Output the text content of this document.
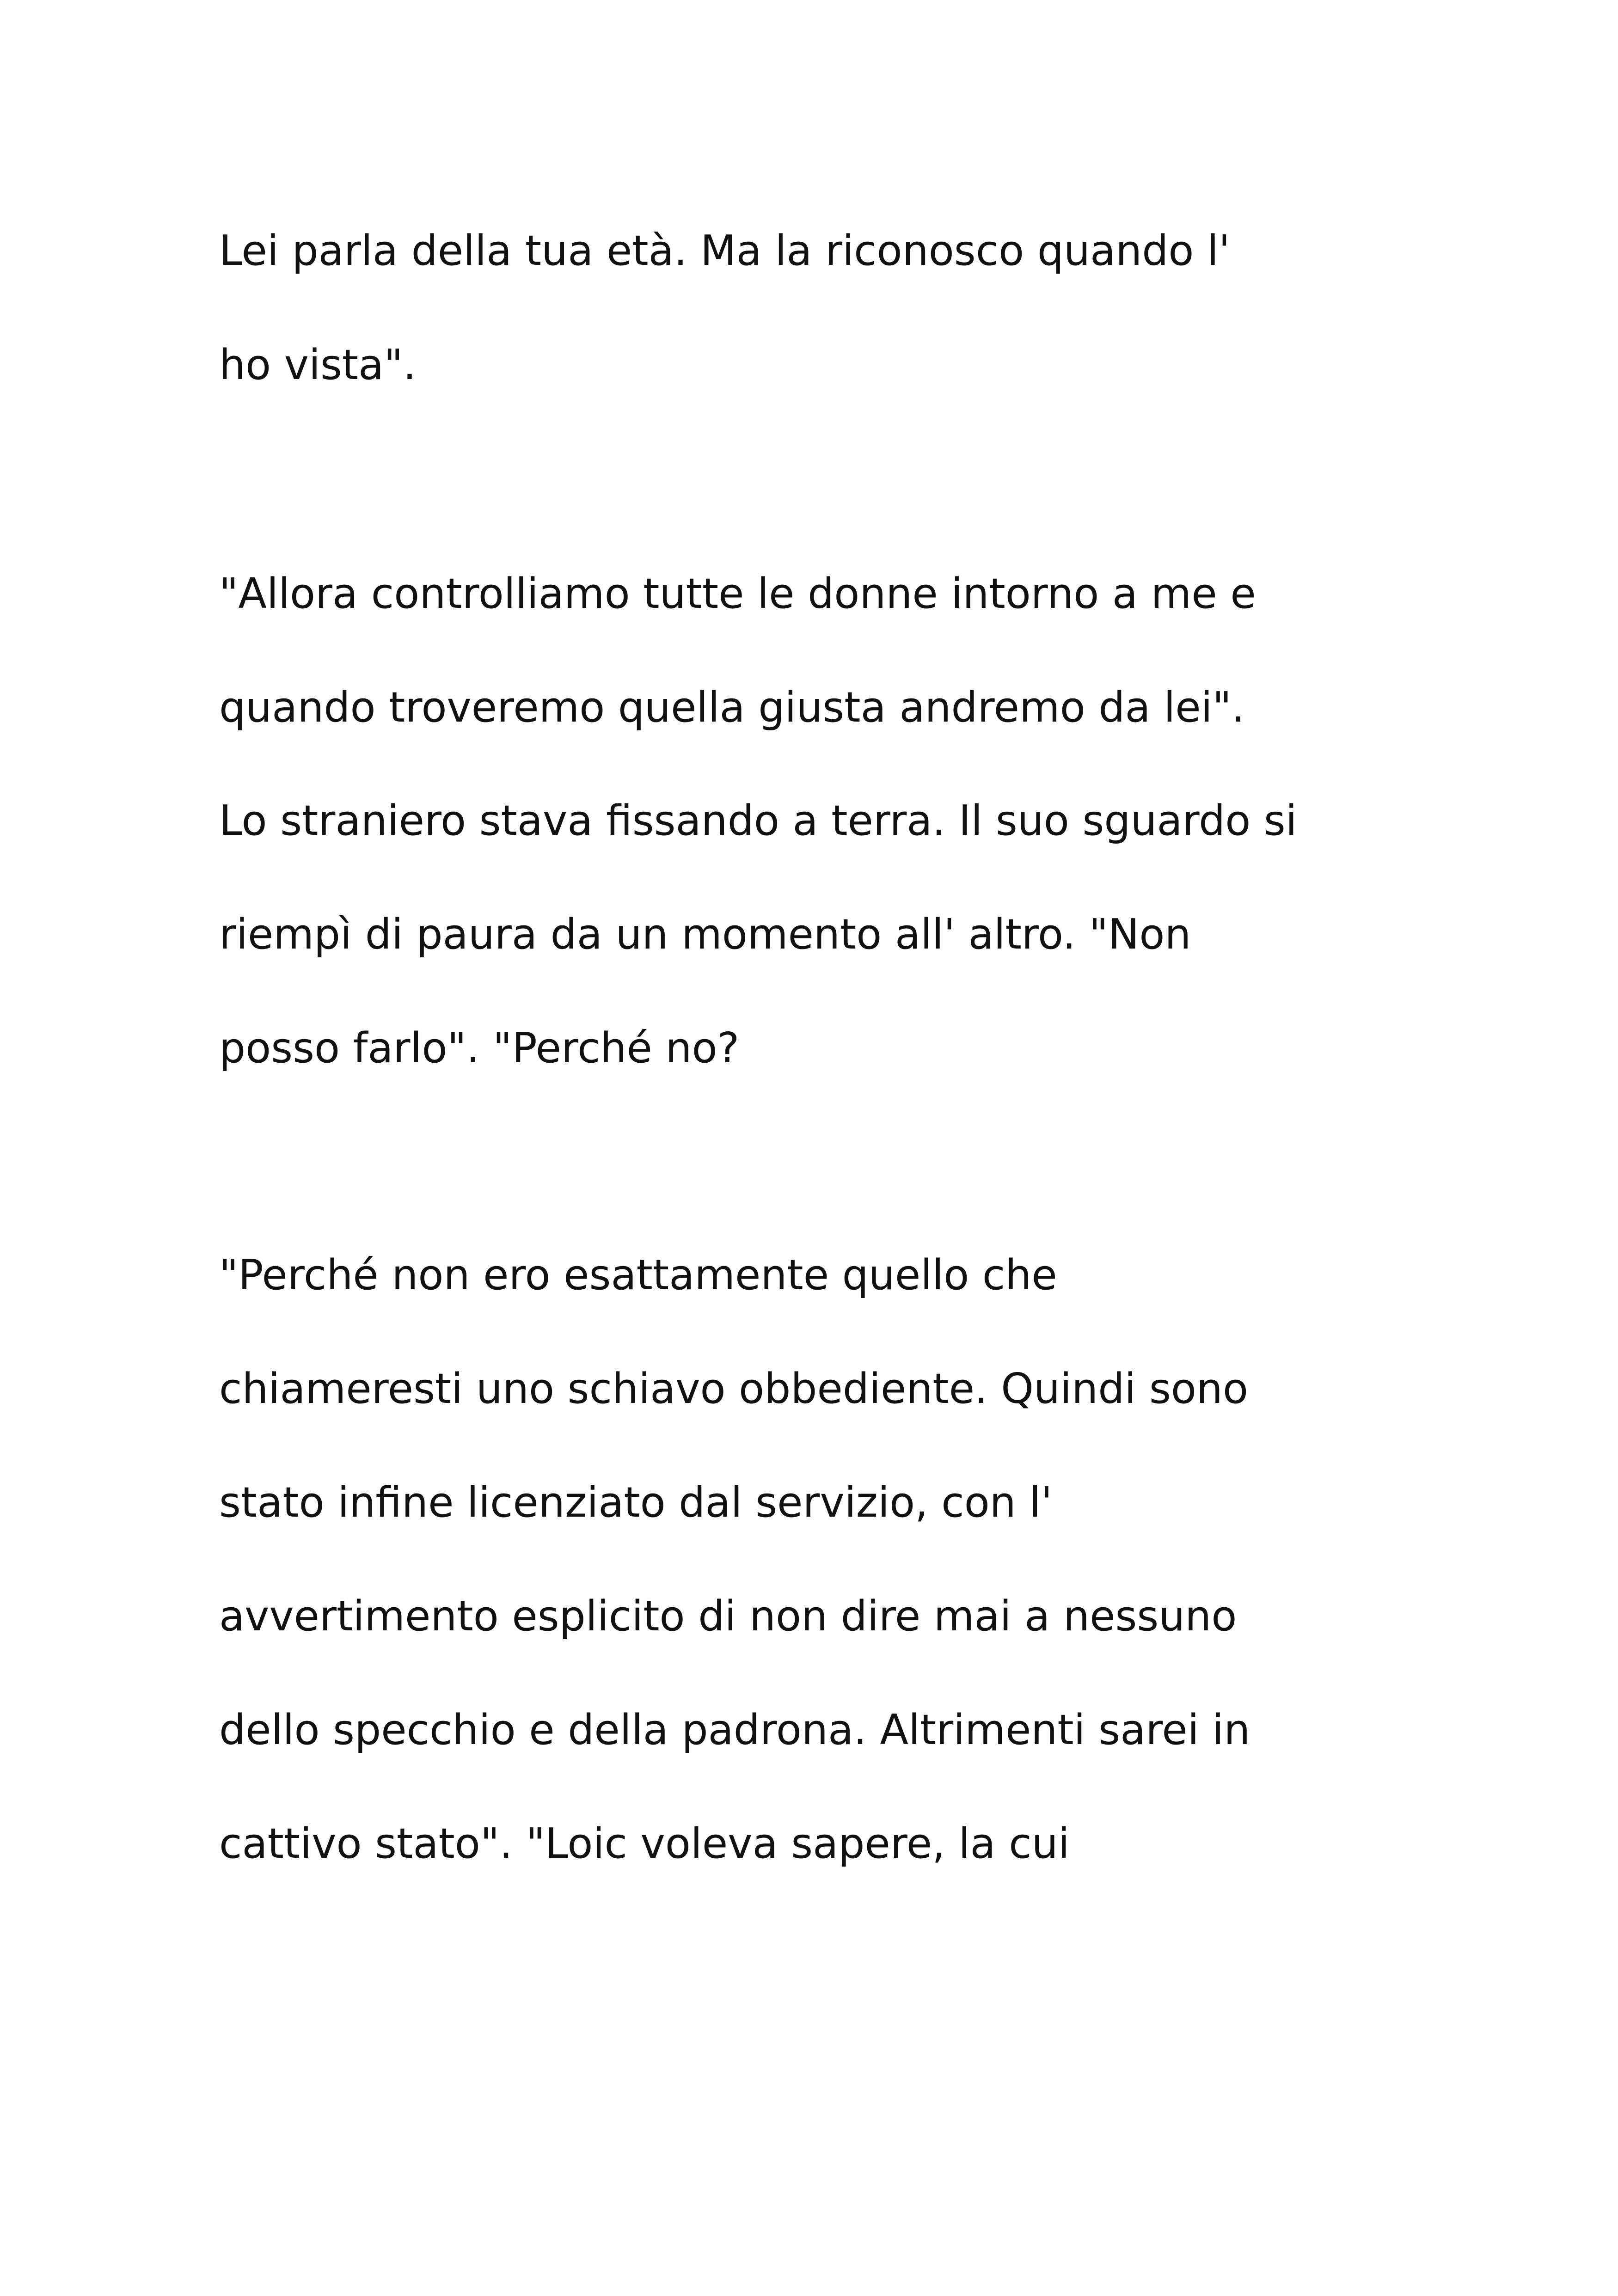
Lei parla della tua età. Ma la riconosco quando l'

ho vista".

"Allora controlliamo tutte le donne intorno a me e

quando troveremo quella giusta andremo da lei".

Lo straniero stava fissando a terra. Il suo sguardo si

riempì di paura da un momento all' altro. "Non

posso farlo". "Perché no?

"Perché non ero esattamente quello che

chiameresti uno schiavo obbediente. Quindi sono

stato infine licenziato dal servizio, con l'

avvertimento esplicito di non dire mai a nessuno

dello specchio e della padrona. Altrimenti sarei in

cattivo stato". "Loic voleva sapere, la cui
